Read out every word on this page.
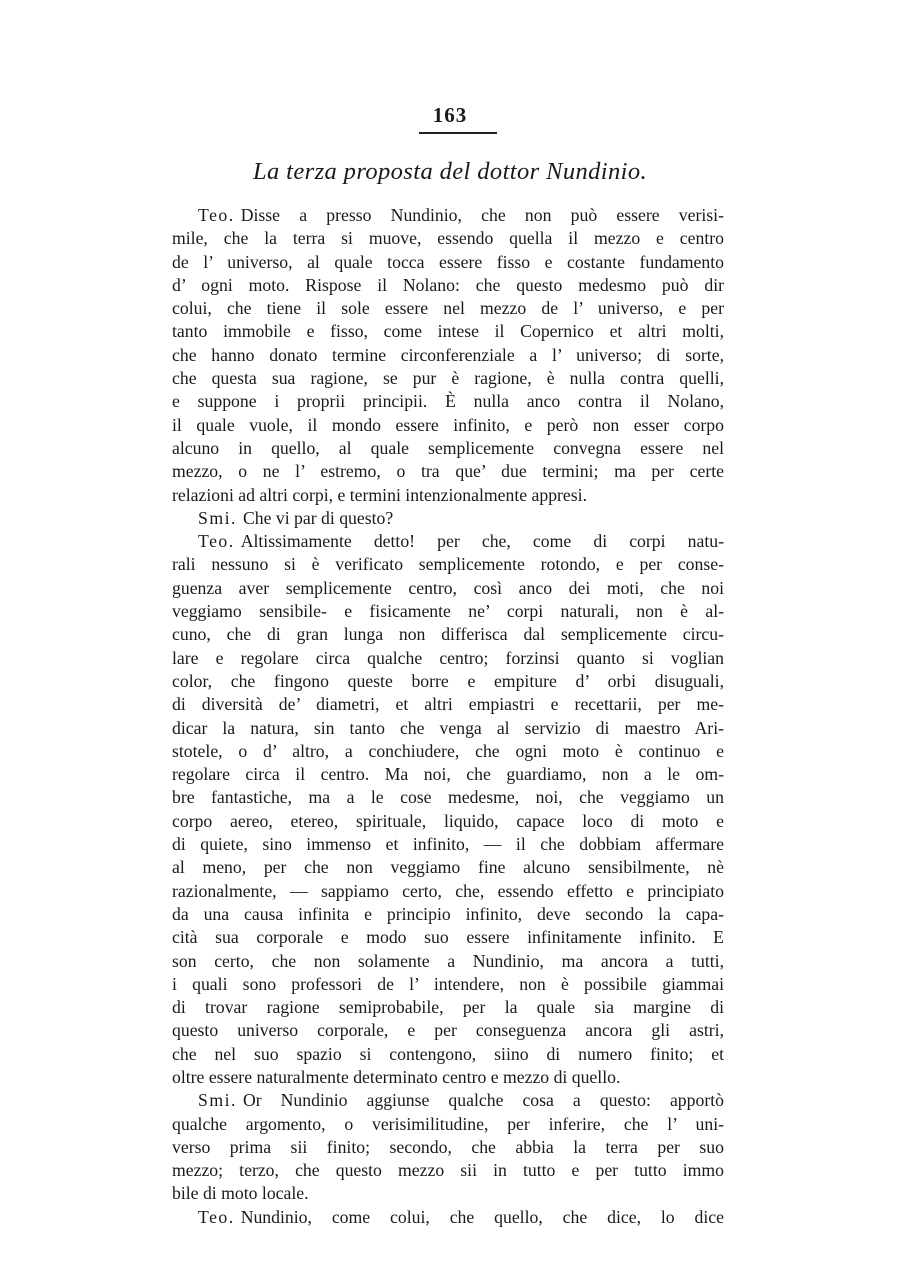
163
La terza proposta del dottor Nundinio.
Teo. Disse a presso Nundinio, che non può essere verisi-
mile, che la terra si muove, essendo quella il mezzo e centro
de l’ universo, al quale tocca essere fisso e costante fundamento
d’ ogni moto. Rispose il Nolano: che questo medesmo può dir
colui, che tiene il sole essere nel mezzo de l’ universo, e per
tanto immobile e fisso, come intese il Copernico et altri molti,
che hanno donato termine circonferenziale a l’ universo; di sorte,
che questa sua ragione, se pur è ragione, è nulla contra quelli,
e suppone i proprii principii. È nulla anco contra il Nolano,
il quale vuole, il mondo essere infinito, e però non esser corpo
alcuno in quello, al quale semplicemente convegna essere nel
mezzo, o ne l’ estremo, o tra que’ due termini; ma per certe
relazioni ad altri corpi, e termini intenzionalmente appresi.
Smi. Che vi par di questo?
Teo. Altissimamente detto! per che, come di corpi natu-
rali nessuno si è verificato semplicemente rotondo, e per conse-
guenza aver semplicemente centro, così anco dei moti, che noi
veggiamo sensibile- e fisicamente ne’ corpi naturali, non è al-
cuno, che di gran lunga non differisca dal semplicemente circu-
lare e regolare circa qualche centro; forzinsi quanto si voglian
color, che fingono queste borre e empiture d’ orbi disuguali,
di diversità de’ diametri, et altri empiastri e recettarii, per me-
dicar la natura, sin tanto che venga al servizio di maestro Ari-
stotele, o d’ altro, a conchiudere, che ogni moto è continuo e
regolare circa il centro. Ma noi, che guardiamo, non a le om-
bre fantastiche, ma a le cose medesme, noi, che veggiamo un
corpo aereo, etereo, spirituale, liquido, capace loco di moto e
di quiete, sino immenso et infinito, — il che dobbiam affermare
al meno, per che non veggiamo fine alcuno sensibilmente, nè
razionalmente, — sappiamo certo, che, essendo effetto e principiato
da una causa infinita e principio infinito, deve secondo la capa-
cità sua corporale e modo suo essere infinitamente infinito. E
son certo, che non solamente a Nundinio, ma ancora a tutti,
i quali sono professori de l’ intendere, non è possibile giammai
di trovar ragione semiprobabile, per la quale sia margine di
questo universo corporale, e per conseguenza ancora gli astri,
che nel suo spazio si contengono, siino di numero finito; et
oltre essere naturalmente determinato centro e mezzo di quello.
Smi. Or Nundinio aggiunse qualche cosa a questo: apportò
qualche argomento, o verisimilitudine, per inferire, che l’ uni-
verso prima sii finito; secondo, che abbia la terra per suo
mezzo; terzo, che questo mezzo sii in tutto e per tutto immo
bile di moto locale.
Teo. Nundinio, come colui, che quello, che dice, lo dice
